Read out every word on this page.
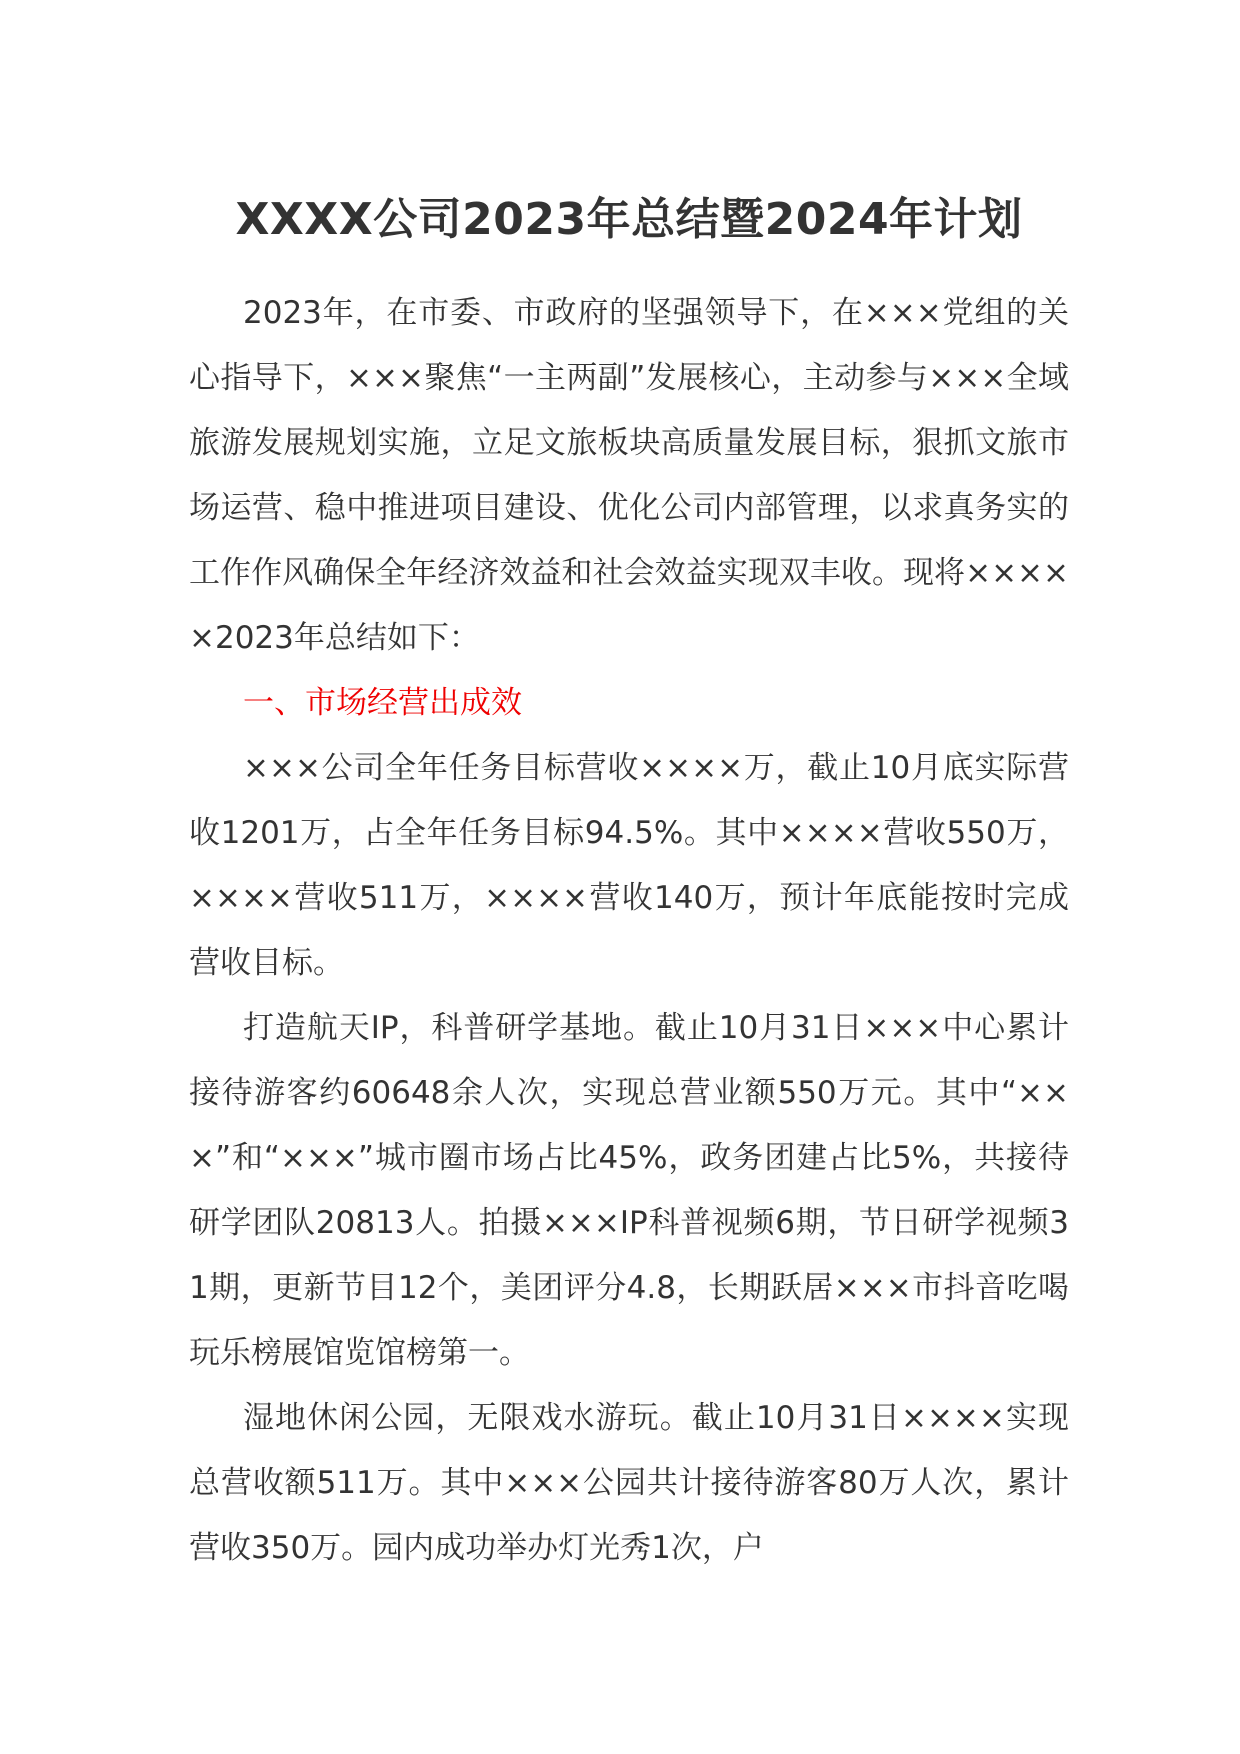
XXXX公司2023年总结暨2024年计划

2023年，在市委、市政府的坚强领导下，在×××党组的关心指导下，×××聚焦“一主两副”发展核心，主动参与×××全域旅游发展规划实施，立足文旅板块高质量发展目标，狠抓文旅市场运营、稳中推进项目建设、优化公司内部管理，以求真务实的工作作风确保全年经济效益和社会效益实现双丰收。现将×××××2023年总结如下：

一、市场经营出成效

×××公司全年任务目标营收××××万，截止10月底实际营收1201万，占全年任务目标94.5%。其中××××营收550万，××××营收511万，××××营收140万，预计年底能按时完成营收目标。

打造航天IP，科普研学基地。截止10月31日×××中心累计接待游客约60648余人次，实现总营业额550万元。其中“×××”和“×××”城市圈市场占比45%，政务团建占比5%，共接待研学团队20813人。拍摄×××IP科普视频6期，节日研学视频31期，更新节目12个，美团评分4.8，长期跃居×××市抖音吃喝玩乐榜展馆览馆榜第一。

湿地休闲公园，无限戏水游玩。截止10月31日××××实现总营收额511万。其中×××公园共计接待游客80万人次，累计营收350万。园内成功举办灯光秀1次，户
